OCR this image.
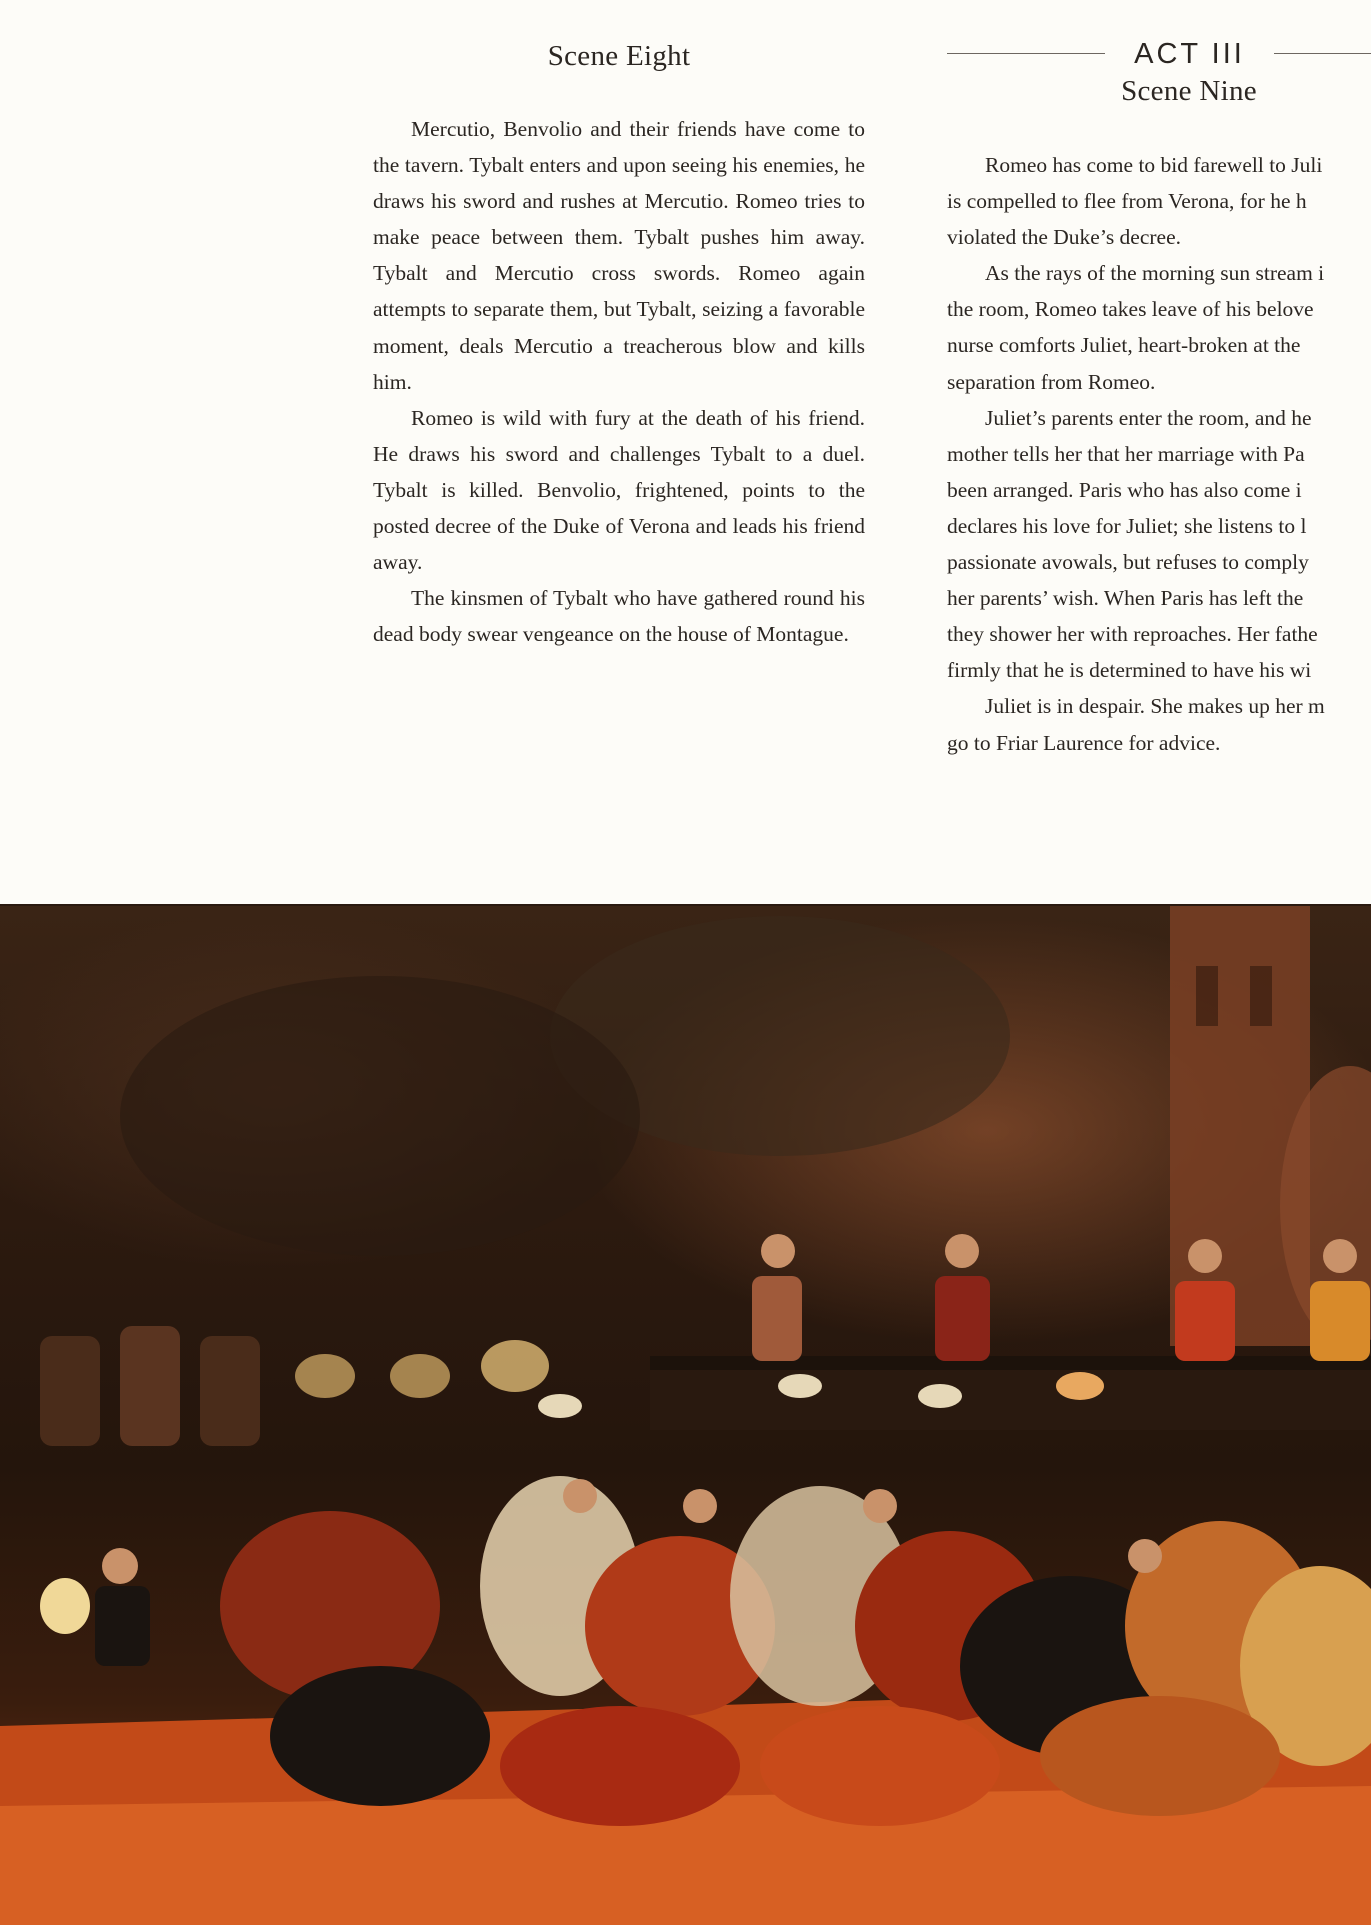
Scene Eight

Mercutio, Benvolio and their friends have come to the tavern. Tybalt enters and upon seeing his enemies, he draws his sword and rushes at Mercutio. Romeo tries to make peace between them. Tybalt pushes him away. Tybalt and Mercutio cross swords. Romeo again attempts to separate them, but Tybalt, seizing a favorable moment, deals Mercutio a treacherous blow and kills him.

Romeo is wild with fury at the death of his friend. He draws his sword and challenges Tybalt to a duel. Tybalt is killed. Benvolio, frightened, points to the posted decree of the Duke of Verona and leads his friend away.

The kinsmen of Tybalt who have gathered round his dead body swear vengeance on the house of Montague.

ACT III
Scene Nine
Romeo has come to bid farewell to Juli
is compelled to flee from Verona, for he h
violated the Duke’s decree.
As the rays of the morning sun stream i
the room, Romeo takes leave of his belove
nurse comforts Juliet, heart-broken at the
separation from Romeo.
Juliet’s parents enter the room, and he
mother tells her that her marriage with Pa
been arranged. Paris who has also come i
declares his love for Juliet; she listens to l
passionate avowals, but refuses to comply
her parents’ wish. When Paris has left the
they shower her with reproaches. Her fathe
firmly that he is determined to have his wi
Juliet is in despair. She makes up her m
go to Friar Laurence for advice.
